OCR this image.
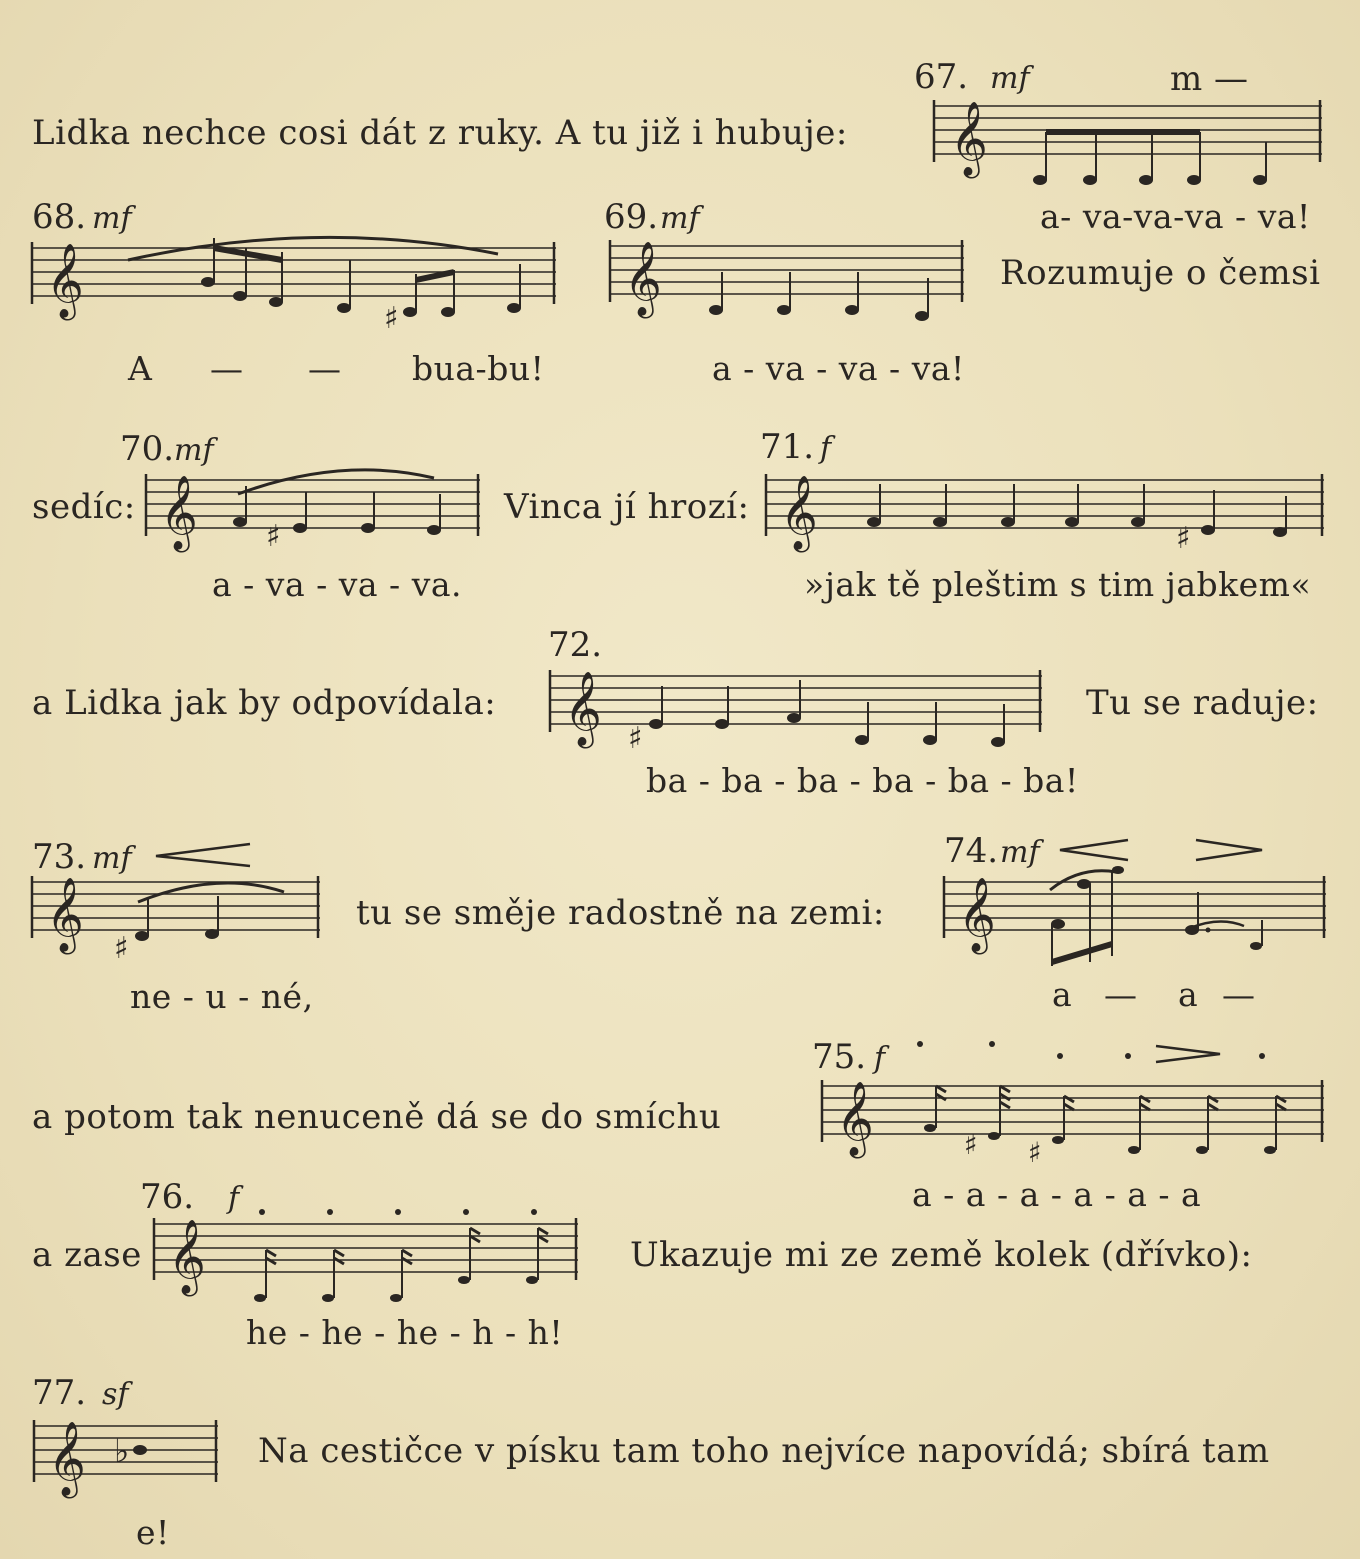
67. mf	m —
Lidka nechce cosi dát z ruky. A tu již i hubuje: 𝄞
a- va-va-va - va!
68. mf
𝄞
♯
A — — bua-bu!
69. mf
𝄞
a - va - va - va!
Rozumuje o čemsi
70. mf
sedíc: 𝄞 ♯
a - va - va - va.
Vinca jí hrozí:
71. f
𝄞	♯
»jak tě pleštim s tim jabkem«
72.
a Lidka jak by odpovídala: 𝄞 ♯
ba - ba - ba - ba - ba - ba!
Tu se raduje:
73. mf
𝄞 ♯
ne - u - né,
tu se směje radostně na zemi:
74. mf
𝄞
a — a —
75. f
a potom tak nenuceně dá se do smíchu 𝄞	♯ ♯
a - a - a - a - a - a
76. f
a zase 𝄞
he - he - he - h - h!
Ukazuje mi ze země kolek (dřívko):
77. sf
𝄞 ♭
e!
Na cestičce v písku tam toho nejvíce napovídá; sbírá tam
